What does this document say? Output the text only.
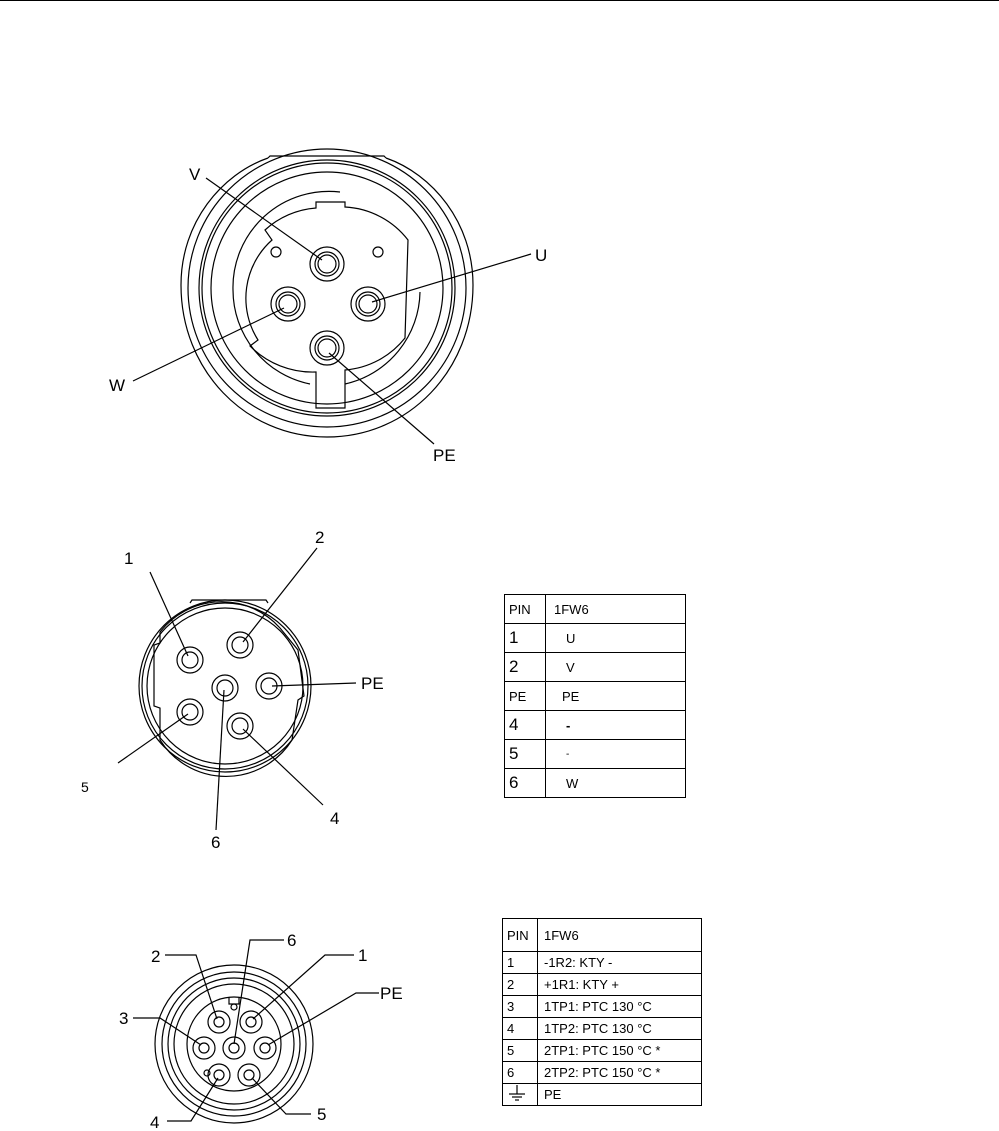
V
U
W
PE
1
2
PE
5
6
4
2
6
1
PE
3
4	5
PIN	1FW6
1	U
2	V
PE	PE
4	-
5	-
6	W
PIN	1FW6
1	-1R2: KTY -
2	+1R1: KTY +
3	1TP1: PTC 130 °C
4	1TP2: PTC 130 °C
5	2TP1: PTC 150 °C *
6	2TP2: PTC 150 °C *
	PE
